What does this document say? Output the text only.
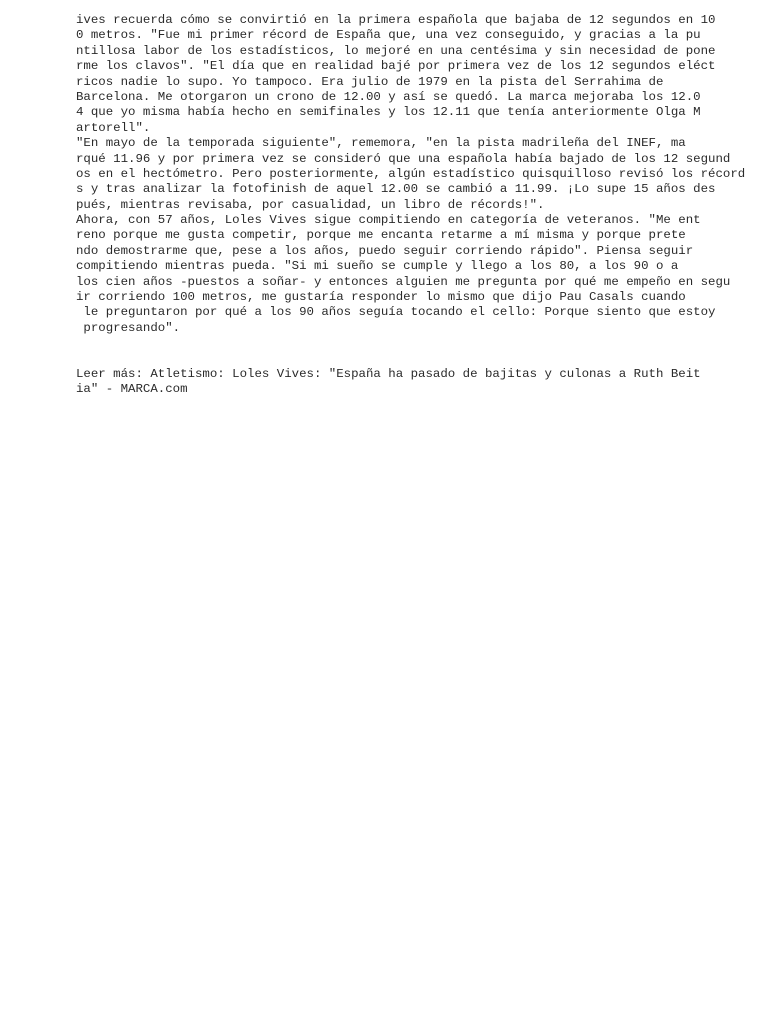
ives recuerda cómo se convirtió en la primera española que bajaba de 12 segundos en 10
0 metros. "Fue mi primer récord de España que, una vez conseguido, y gracias a la pu
ntillosa labor de los estadísticos, lo mejoré en una centésima y sin necesidad de pone
rme los clavos". "El día que en realidad bajé por primera vez de los 12 segundos eléct
ricos nadie lo supo. Yo tampoco. Era julio de 1979 en la pista del Serrahima de
Barcelona. Me otorgaron un crono de 12.00 y así se quedó. La marca mejoraba los 12.0
4 que yo misma había hecho en semifinales y los 12.11 que tenía anteriormente Olga M
artorell".
"En mayo de la temporada siguiente", rememora, "en la pista madrileña del INEF, ma
rqué 11.96 y por primera vez se consideró que una española había bajado de los 12 segund
os en el hectómetro. Pero posteriormente, algún estadístico quisquilloso revisó los récord
s y tras analizar la fotofinish de aquel 12.00 se cambió a 11.99. ¡Lo supe 15 años des
pués, mientras revisaba, por casualidad, un libro de récords!".
Ahora, con 57 años, Loles Vives sigue compitiendo en categoría de veteranos. "Me ent
reno porque me gusta competir, porque me encanta retarme a mí misma y porque prete
ndo demostrarme que, pese a los años, puedo seguir corriendo rápido". Piensa seguir
compitiendo mientras pueda. "Si mi sueño se cumple y llego a los 80, a los 90 o a
los cien años -puestos a soñar- y entonces alguien me pregunta por qué me empeño en segu
ir corriendo 100 metros, me gustaría responder lo mismo que dijo Pau Casals cuando
le preguntaron por qué a los 90 años seguía tocando el cello: Porque siento que estoy
progresando".
Leer más: Atletismo: Loles Vives: "España ha pasado de bajitas y culonas a Ruth Beit
ia" - MARCA.com
